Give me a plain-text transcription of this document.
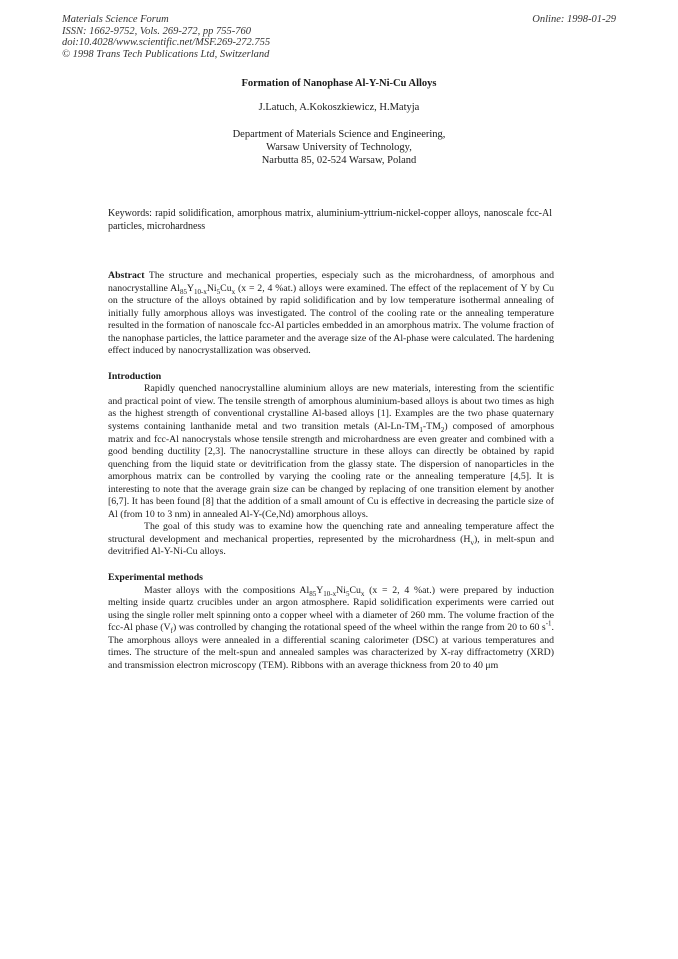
Materials Science Forum
ISSN: 1662-9752, Vols. 269-272, pp 755-760
doi:10.4028/www.scientific.net/MSF.269-272.755
© 1998 Trans Tech Publications Ltd, Switzerland
Online: 1998-01-29
Formation of Nanophase Al-Y-Ni-Cu Alloys
J.Latuch, A.Kokoszkiewicz, H.Matyja
Department of Materials Science and Engineering,
Warsaw University of Technology,
Narbutta 85, 02-524 Warsaw, Poland
Keywords: rapid solidification, amorphous matrix, aluminium-yttrium-nickel-copper alloys, nanoscale fcc-Al particles, microhardness

Abstract The structure and mechanical properties, especialy such as the microhardness, of amorphous and nanocrystalline $Al_{85}Y_{10-x}Ni_5Cu_x$ (x = 2, 4 %at.) alloys were examined. The effect of the replacement of Y by Cu on the structure of the alloys obtained by rapid solidification and by low temperature isothermal annealing of initially fully amorphous alloys was investigated. The control of the cooling rate or the annealing temperature resulted in the formation of nanoscale fcc-Al particles embedded in an amorphous matrix. The volume fraction of the nanophase particles, the lattice parameter and the average size of the Al-phase were calculated. The hardening effect induced by nanocrystallization was observed.

Introduction

Rapidly quenched nanocrystalline aluminium alloys are new materials, interesting from the scientific and practical point of view. The tensile strength of amorphous aluminium-based alloys is about two times as high as the highest strength of conventional crystalline Al-based alloys [1]. Examples are the two phase quaternary systems containing lanthanide metal and two transition metals $(Al-Ln-TM_1-TM_2)$ composed of amorphous matrix and fcc-Al nanocrystals whose tensile strength and microhardness are even greater and combined with a good bending ductility [2,3]. The nanocrystalline structure in these alloys can directly be obtained by rapid quenching from the liquid state or devitrification from the glassy state. The dispersion of nanoparticles in the amorphous matrix can be controlled by varying the cooling rate or the annealing temperature [4,5]. It is interesting to note that the average grain size can be changed by replacing of one transition element by another [6,7]. It has been found [8] that the addition of a small amount of Cu is effective in decreasing the particle size of Al (from 10 to 3 nm) in annealed Al-Y-(Ce,Nd) amorphous alloys.

The goal of this study was to examine how the quenching rate and annealing temperature affect the structural development and mechanical properties, represented by the microhardness $(H_v)$, in melt-spun and devitrified Al-Y-Ni-Cu alloys.

Experimental methods

Master alloys with the compositions $Al_{85}Y_{10-x}Ni_5Cu_x$ (x = 2, 4 %at.) were prepared by induction melting inside quartz crucibles under an argon atmosphere. Rapid solidification experiments were carried out using the single roller melt spinning onto a copper wheel with a diameter of 260 mm. The volume fraction of the fcc-Al phase $(V_f)$ was controlled by changing the rotational speed of the wheel within the range from 20 to 60 $s^{-1}$. The amorphous alloys were annealed in a differential scaning calorimeter (DSC) at various temperatures and times. The structure of the melt-spun and annealed samples was characterized by X-ray diffractometry (XRD) and transmission electron microscopy (TEM). Ribbons with an average thickness from 20 to 40 μm
